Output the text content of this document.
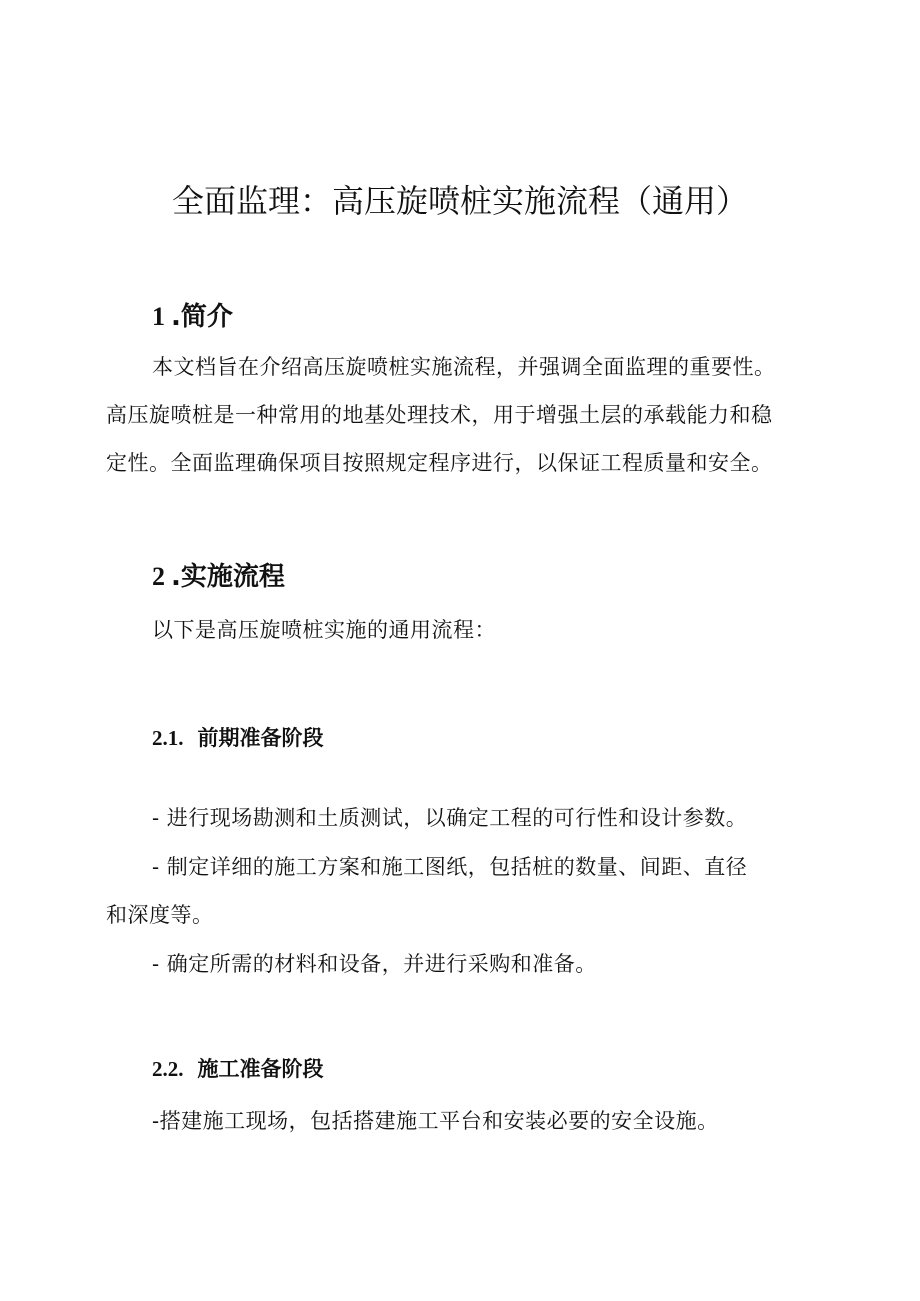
全面监理：高压旋喷桩实施流程（通用）
1 .简介

本文档旨在介绍高压旋喷桩实施流程，并强调全面监理的重要性。

高压旋喷桩是一种常用的地基处理技术，用于增强土层的承载能力和稳

定性。全面监理确保项目按照规定程序进行，以保证工程质量和安全。

2 .实施流程

以下是高压旋喷桩实施的通用流程：

2.1. 前期准备阶段

- 进行现场勘测和土质测试，以确定工程的可行性和设计参数。

- 制定详细的施工方案和施工图纸，包括桩的数量、间距、直径

和深度等。

- 确定所需的材料和设备，并进行采购和准备。

2.2. 施工准备阶段

-搭建施工现场，包括搭建施工平台和安装必要的安全设施。
